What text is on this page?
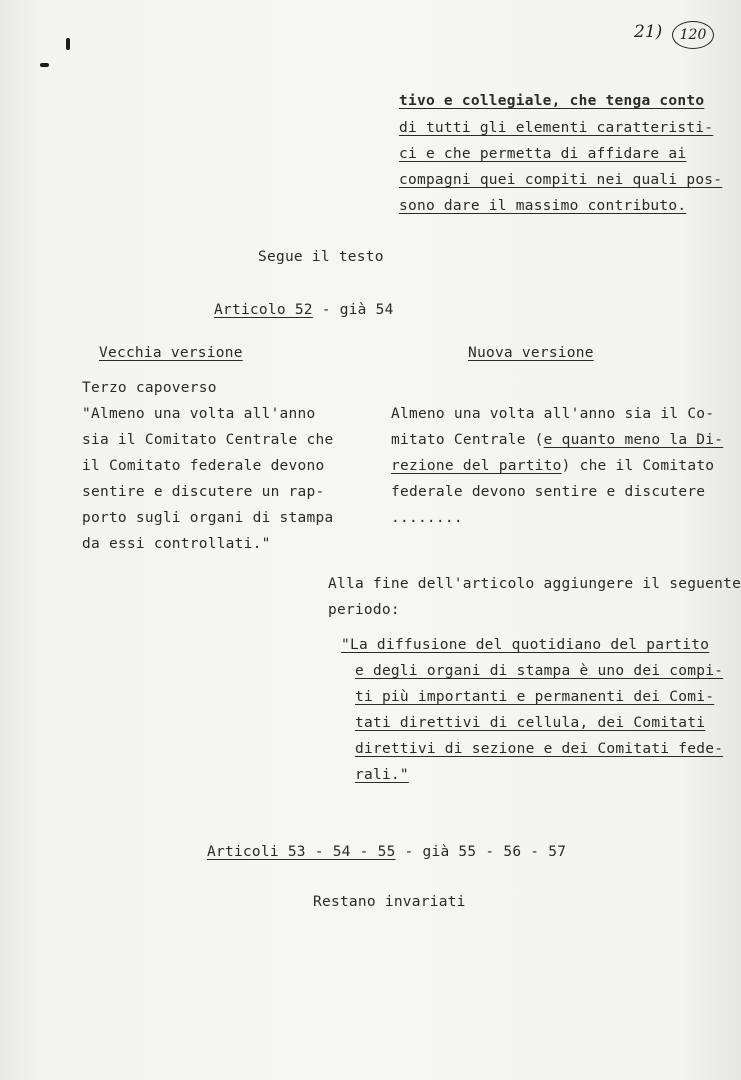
21)	120
tivo e collegiale, che tenga conto
di tutti gli elementi caratteristi-
ci e che permetta di affidare ai
compagni quei compiti nei quali pos-
sono dare il massimo contributo.
Segue il testo
Articolo 52 - già 54
Vecchia versione	Nuova versione
Terzo capoverso
"Almeno una volta all'anno
sia il Comitato Centrale che
il Comitato federale devono
sentire e discutere un rap-
porto sugli organi di stampa
da essi controllati."
Almeno una volta all'anno sia il Co-
mitato Centrale (e quanto meno la Di-
rezione del partito) che il Comitato
federale devono sentire e discutere
........
Alla fine dell'articolo aggiungere il seguente
periodo:
"La diffusione del quotidiano del partito
e degli organi di stampa è uno dei compi-
ti più importanti e permanenti dei Comi-
tati direttivi di cellula, dei Comitati
direttivi di sezione e dei Comitati fede-
rali."
Articoli 53 - 54 - 55 - già 55 - 56 - 57
Restano invariati
